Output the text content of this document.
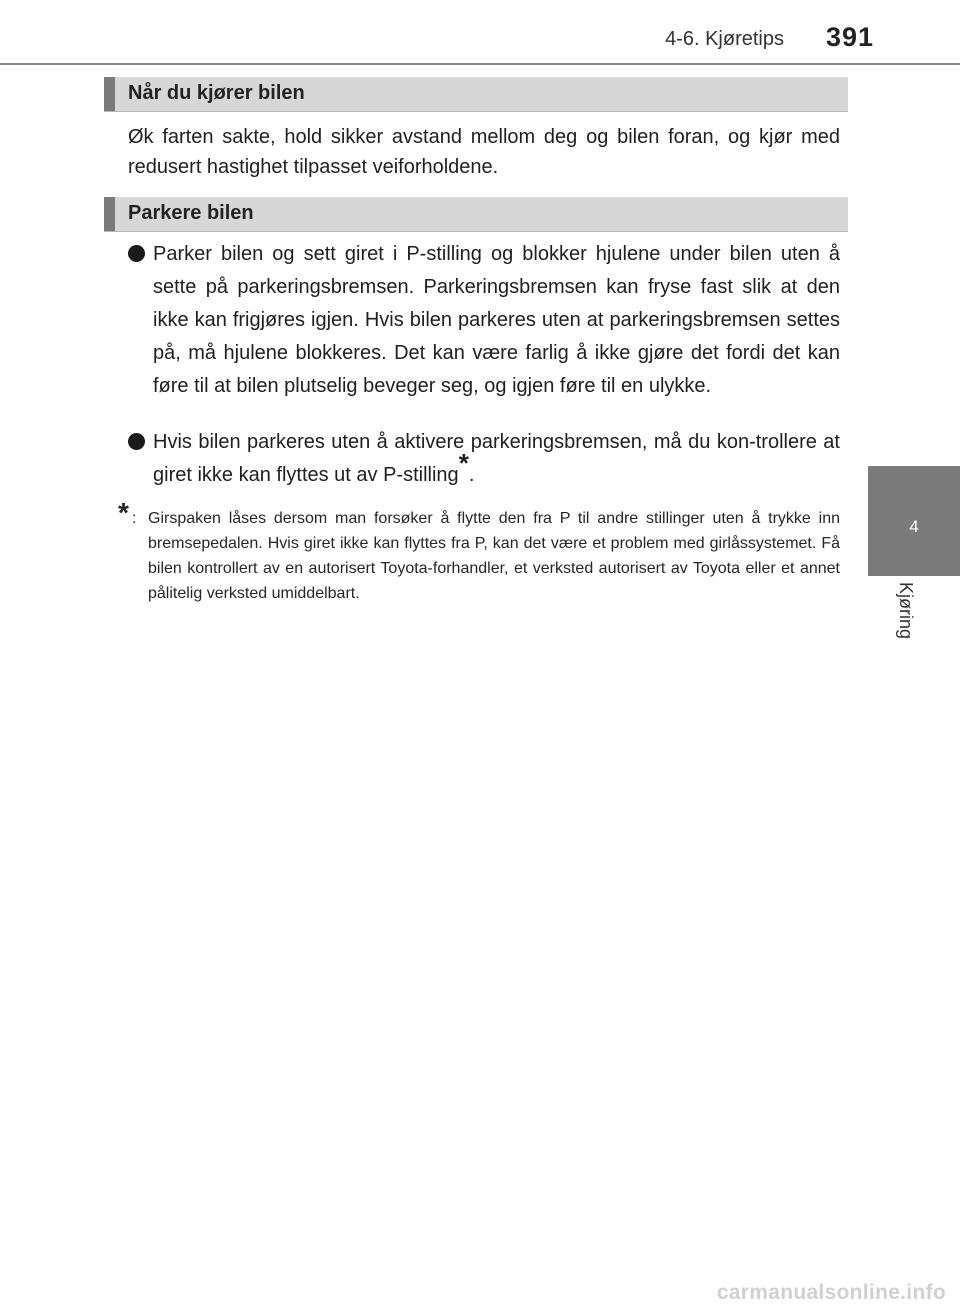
4-6. Kjøretips 391
4
Kjøring
Når du kjører bilen
Øk farten sakte, hold sikker avstand mellom deg og bilen foran, og kjør med redusert hastighet tilpasset veiforholdene.
Parkere bilen
Parker bilen og sett giret i P-stilling og blokker hjulene under bilen uten å sette på parkeringsbremsen. Parkeringsbremsen kan fryse fast slik at den ikke kan frigjøres igjen. Hvis bilen parkeres uten at parkeringsbremsen settes på, må hjulene blokkeres. Det kan være farlig å ikke gjøre det fordi det kan føre til at bilen plutselig beveger seg, og igjen føre til en ulykke.
Hvis bilen parkeres uten å aktivere parkeringsbremsen, må du kon-trollere at giret ikke kan flyttes ut av P-stilling*.
* : Girspaken låses dersom man forsøker å flytte den fra P til andre stillinger uten å trykke inn bremsepedalen. Hvis giret ikke kan flyttes fra P, kan det være et problem med girlåssystemet. Få bilen kontrollert av en autorisert Toyota-forhandler, et verksted autorisert av Toyota eller et annet pålitelig verksted umiddelbart.
carmanualsonline.info
